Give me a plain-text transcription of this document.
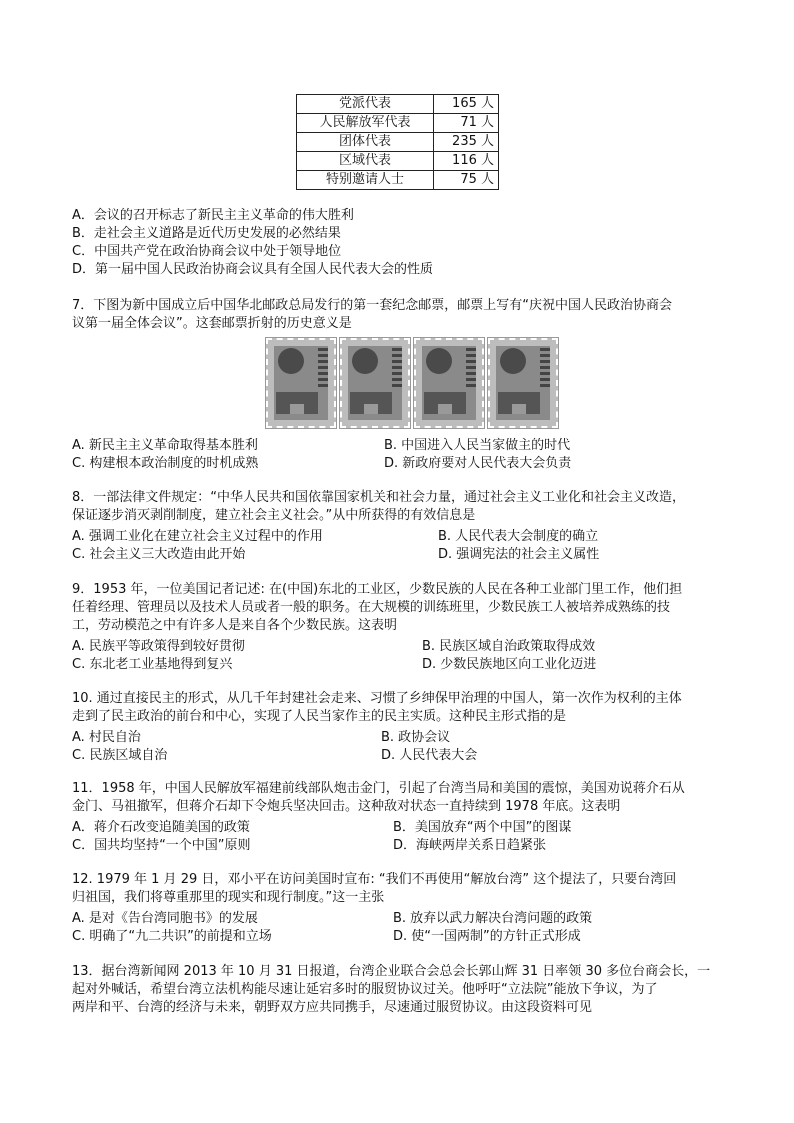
党派代表	165 人
人民解放军代表	71 人
团体代表	235 人
区域代表	116 人
特别邀请人士	75 人
A．会议的召开标志了新民主主义革命的伟大胜利
B．走社会主义道路是近代历史发展的必然结果
C．中国共产党在政治协商会议中处于领导地位
D．第一届中国人民政治协商会议具有全国人民代表大会的性质
7．下图为新中国成立后中国华北邮政总局发行的第一套纪念邮票，邮票上写有“庆祝中国人民政治协商会
议第一届全体会议”。这套邮票折射的历史意义是
A. 新民主主义革命取得基本胜利	B. 中国进入人民当家做主的时代
C. 构建根本政治制度的时机成熟	D. 新政府要对人民代表大会负责
8．一部法律文件规定：“中华人民共和国依靠国家机关和社会力量，通过社会主义工业化和社会主义改造，
保证逐步消灭剥削制度，建立社会主义社会。”从中所获得的有效信息是
A. 强调工业化在建立社会主义过程中的作用	B. 人民代表大会制度的确立
C. 社会主义三大改造由此开始	D. 强调宪法的社会主义属性
9．1953 年，一位美国记者记述: 在(中国)东北的工业区，少数民族的人民在各种工业部门里工作，他们担
任着经理、管理员以及技术人员或者一般的职务。在大规模的训练班里，少数民族工人被培养成熟练的技
工，劳动模范之中有许多人是来自各个少数民族。这表明
A. 民族平等政策得到较好贯彻	B. 民族区域自治政策取得成效
C. 东北老工业基地得到复兴	D. 少数民族地区向工业化迈进
10. 通过直接民主的形式，从几千年封建社会走来、习惯了乡绅保甲治理的中国人，第一次作为权利的主体
走到了民主政治的前台和中心，实现了人民当家作主的民主实质。这种民主形式指的是
A. 村民自治	B. 政协会议
C. 民族区域自治	D. 人民代表大会
11．1958 年，中国人民解放军福建前线部队炮击金门，引起了台湾当局和美国的震惊，美国劝说蒋介石从
金门、马祖撤军，但蒋介石却下令炮兵坚决回击。这种敌对状态一直持续到 1978 年底。这表明
A．蒋介石改变追随美国的政策	B．美国放弃“两个中国”的图谋
C．国共均坚持“一个中国”原则	D．海峡两岸关系日趋紧张
12. 1979 年 1 月 29 日，邓小平在访问美国时宣布: “我们不再使用“解放台湾” 这个提法了，只要台湾回
归祖国，我们将尊重那里的现实和现行制度。”这一主张
A. 是对《告台湾同胞书》的发展	B. 放弃以武力解决台湾问题的政策
C. 明确了“九二共识”的前提和立场	D. 使“一国两制”的方针正式形成
13．据台湾新闻网 2013 年 10 月 31 日报道，台湾企业联合会总会长郭山辉 31 日率领 30 多位台商会长，一
起对外喊话，希望台湾立法机构能尽速让延宕多时的服贸协议过关。他呼吁“立法院”能放下争议，为了
两岸和平、台湾的经济与未来，朝野双方应共同携手，尽速通过服贸协议。由这段资料可见
